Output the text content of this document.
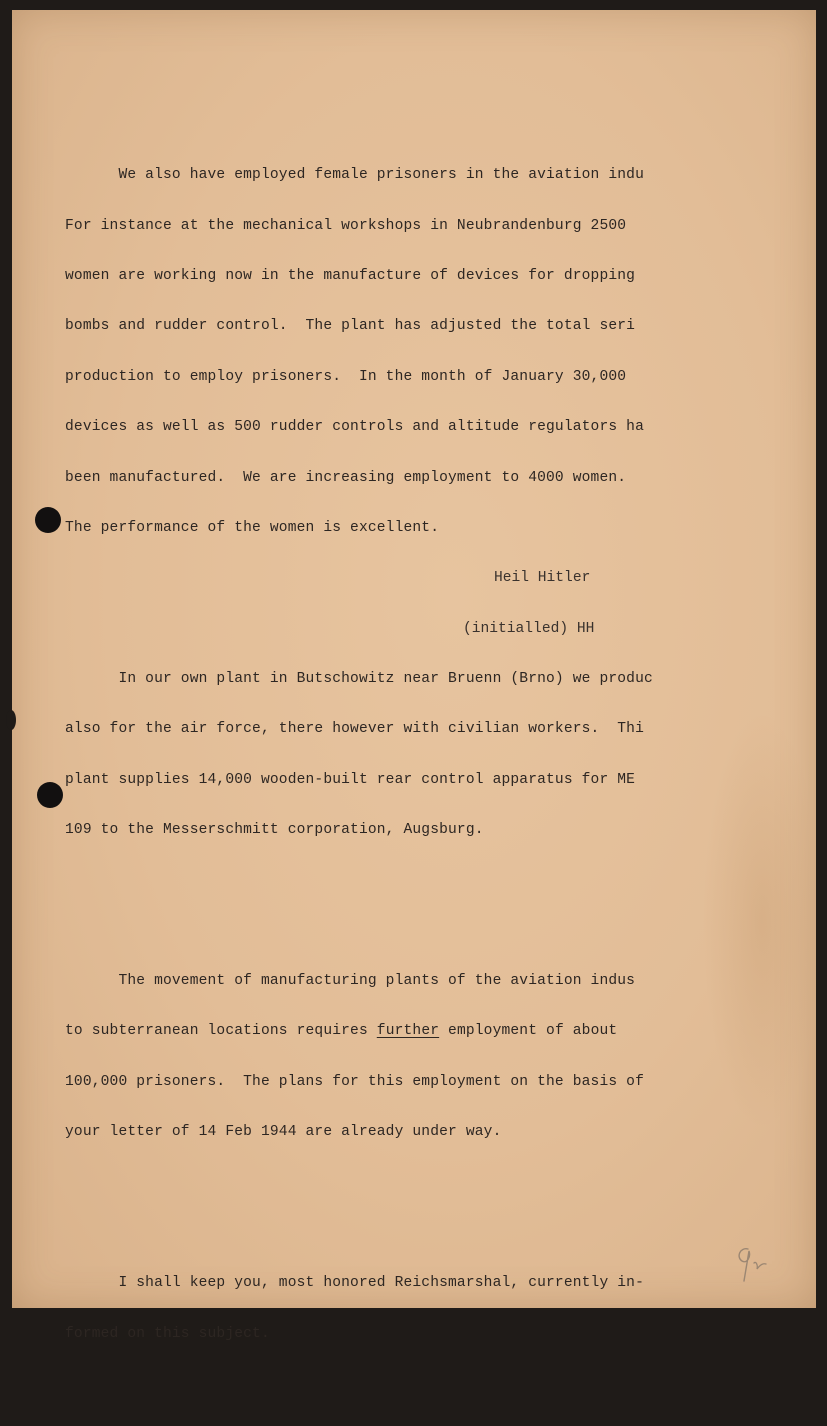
We also have employed female prisoners in the aviation indu

For instance at the mechanical workshops in Neubrandenburg 2500

women are working now in the manufacture of devices for dropping

bombs and rudder control.  The plant has adjusted the total seri

production to employ prisoners.  In the month of January 30,000

devices as well as 500 rudder controls and altitude regulators ha

been manufactured.  We are increasing employment to 4000 women.

The performance of the women is excellent.

In our own plant in Butschowitz near Bruenn (Brno) we produc

also for the air force, there however with civilian workers.  Thi

plant supplies 14,000 wooden-built rear control apparatus for ME

109 to the Messerschmitt corporation, Augsburg.

The movement of manufacturing plants of the aviation indus

to subterranean locations requires further employment of about

100,000 prisoners.  The plans for this employment on the basis of

your letter of 14 Feb 1944 are already under way.

I shall keep you, most honored Reichsmarshal, currently in-

formed on this subject.

Heil Hitler

(initialled) HH
